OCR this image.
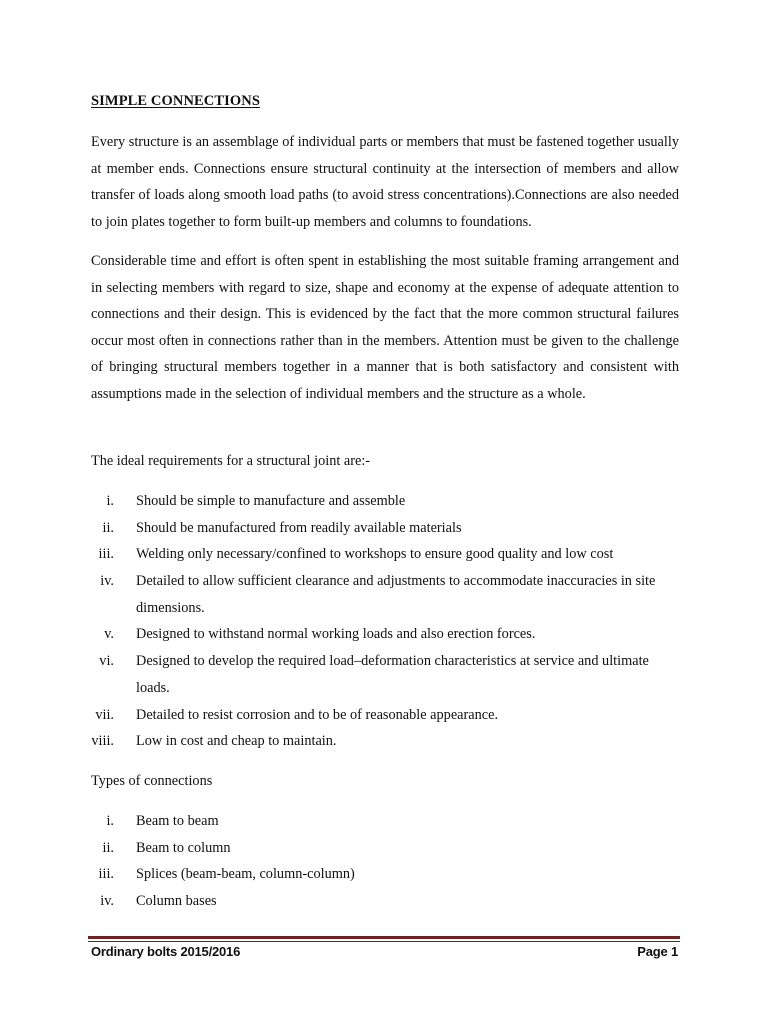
SIMPLE CONNECTIONS

Every structure is an assemblage of individual parts or members that must be fastened together usually at member ends. Connections ensure structural continuity at the intersection of members and allow transfer of loads along smooth load paths (to avoid stress concentrations).Connections are also needed to join plates together to form built-up members and columns to foundations.

Considerable time and effort is often spent in establishing the most suitable framing arrangement and in selecting members with regard to size, shape and economy at the expense of adequate attention to connections and their design. This is evidenced by the fact that the more common structural failures occur most often in connections rather than in the members. Attention must be given to the challenge of bringing structural members together in a manner that is both satisfactory and consistent with assumptions made in the selection of individual members and the structure as a whole.

The ideal requirements for a structural joint are:-

i. Should be simple to manufacture and assemble
ii. Should be manufactured from readily available materials
iii. Welding only necessary/confined to workshops to ensure good quality and low cost
iv. Detailed to allow sufficient clearance and adjustments to accommodate inaccuracies in site dimensions.
v. Designed to withstand normal working loads and also erection forces.
vi. Designed to develop the required load–deformation characteristics at service and ultimate loads.
vii. Detailed to resist corrosion and to be of reasonable appearance.
viii. Low in cost and cheap to maintain.

Types of connections

i. Beam to beam
ii. Beam to column
iii. Splices (beam-beam, column-column)
iv. Column bases
Ordinary bolts 2015/2016	Page 1
